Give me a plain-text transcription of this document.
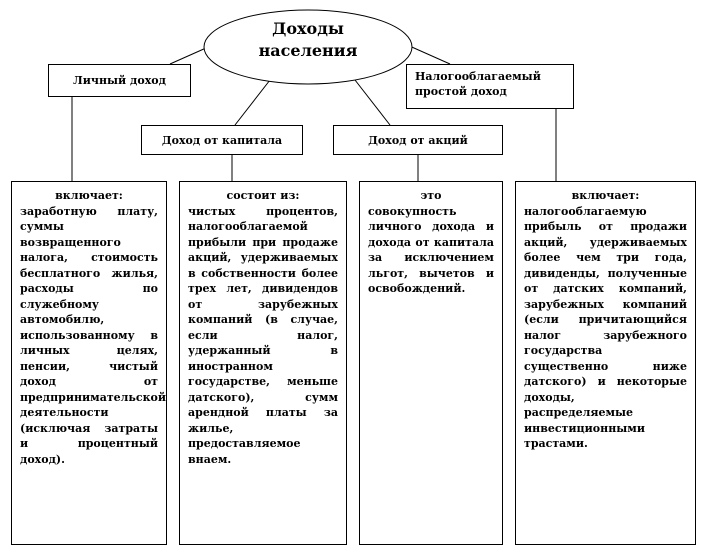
Доходы населения
Личный доход	Налогооблагаемый простой доход
Доход от капитала	Доход от акций
включает:
заработную плату, суммы возвращенного налога, стоимость бесплатного жилья, расходы по служебному автомобилю, использованному в личных целях, пенсии, чистый доход от предпринимательской деятельности (исключая затраты и процентный доход).
состоит из:
чистых процентов, налогооблагаемой прибыли при продаже акций, удерживаемых в собственности более трех лет, дивидендов от зарубежных компаний (в случае, если налог, удержанный в иностранном государстве, меньше датского), сумм арендной платы за жилье, предоставляемое внаем.
это
совокупность личного дохода и дохода от капитала за исключением льгот, вычетов и освобождений.
включает:
налогооблагаемую прибыль от продажи акций, удерживаемых более чем три года, дивиденды, полученные от датских компаний, зарубежных компаний (если причитающийся налог зарубежного государства существенно ниже датского) и некоторые доходы, распределяемые инвестиционными трастами.
